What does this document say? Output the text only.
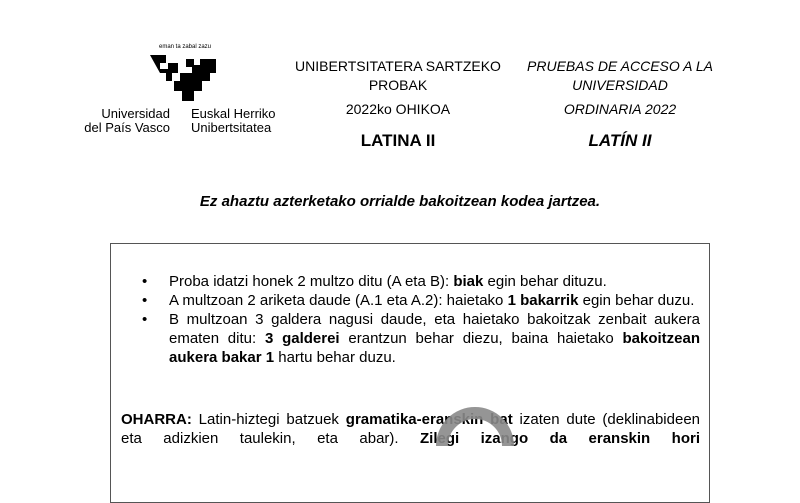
eman ta zabal zazu
Universidad
del País Vasco
Euskal Herriko
Unibertsitatea
UNIBERTSITATERA SARTZEKO
PROBAK
2022ko OHIKOA
LATINA II
PRUEBAS DE ACCESO A LA
UNIVERSIDAD
ORDINARIA 2022
LATÍN II
Ez ahaztu azterketako orrialde bakoitzean kodea jartzea.
• Proba idatzi honek 2 multzo ditu (A eta B): biak egin behar dituzu.
• A multzoan 2 ariketa daude (A.1 eta A.2): haietako 1 bakarrik egin behar duzu.
• B multzoan 3 galdera nagusi daude, eta haietako bakoitzak zenbait aukera ematen ditu: 3 galderei erantzun behar diezu, baina haietako bakoitzean aukera bakar 1 hartu behar duzu.
OHARRA: Latin-hiztegi batzuek gramatika-eranskin bat izaten dute (deklinabideen eta adizkien taulekin, eta abar). Zilegi izango da eranskin hori
